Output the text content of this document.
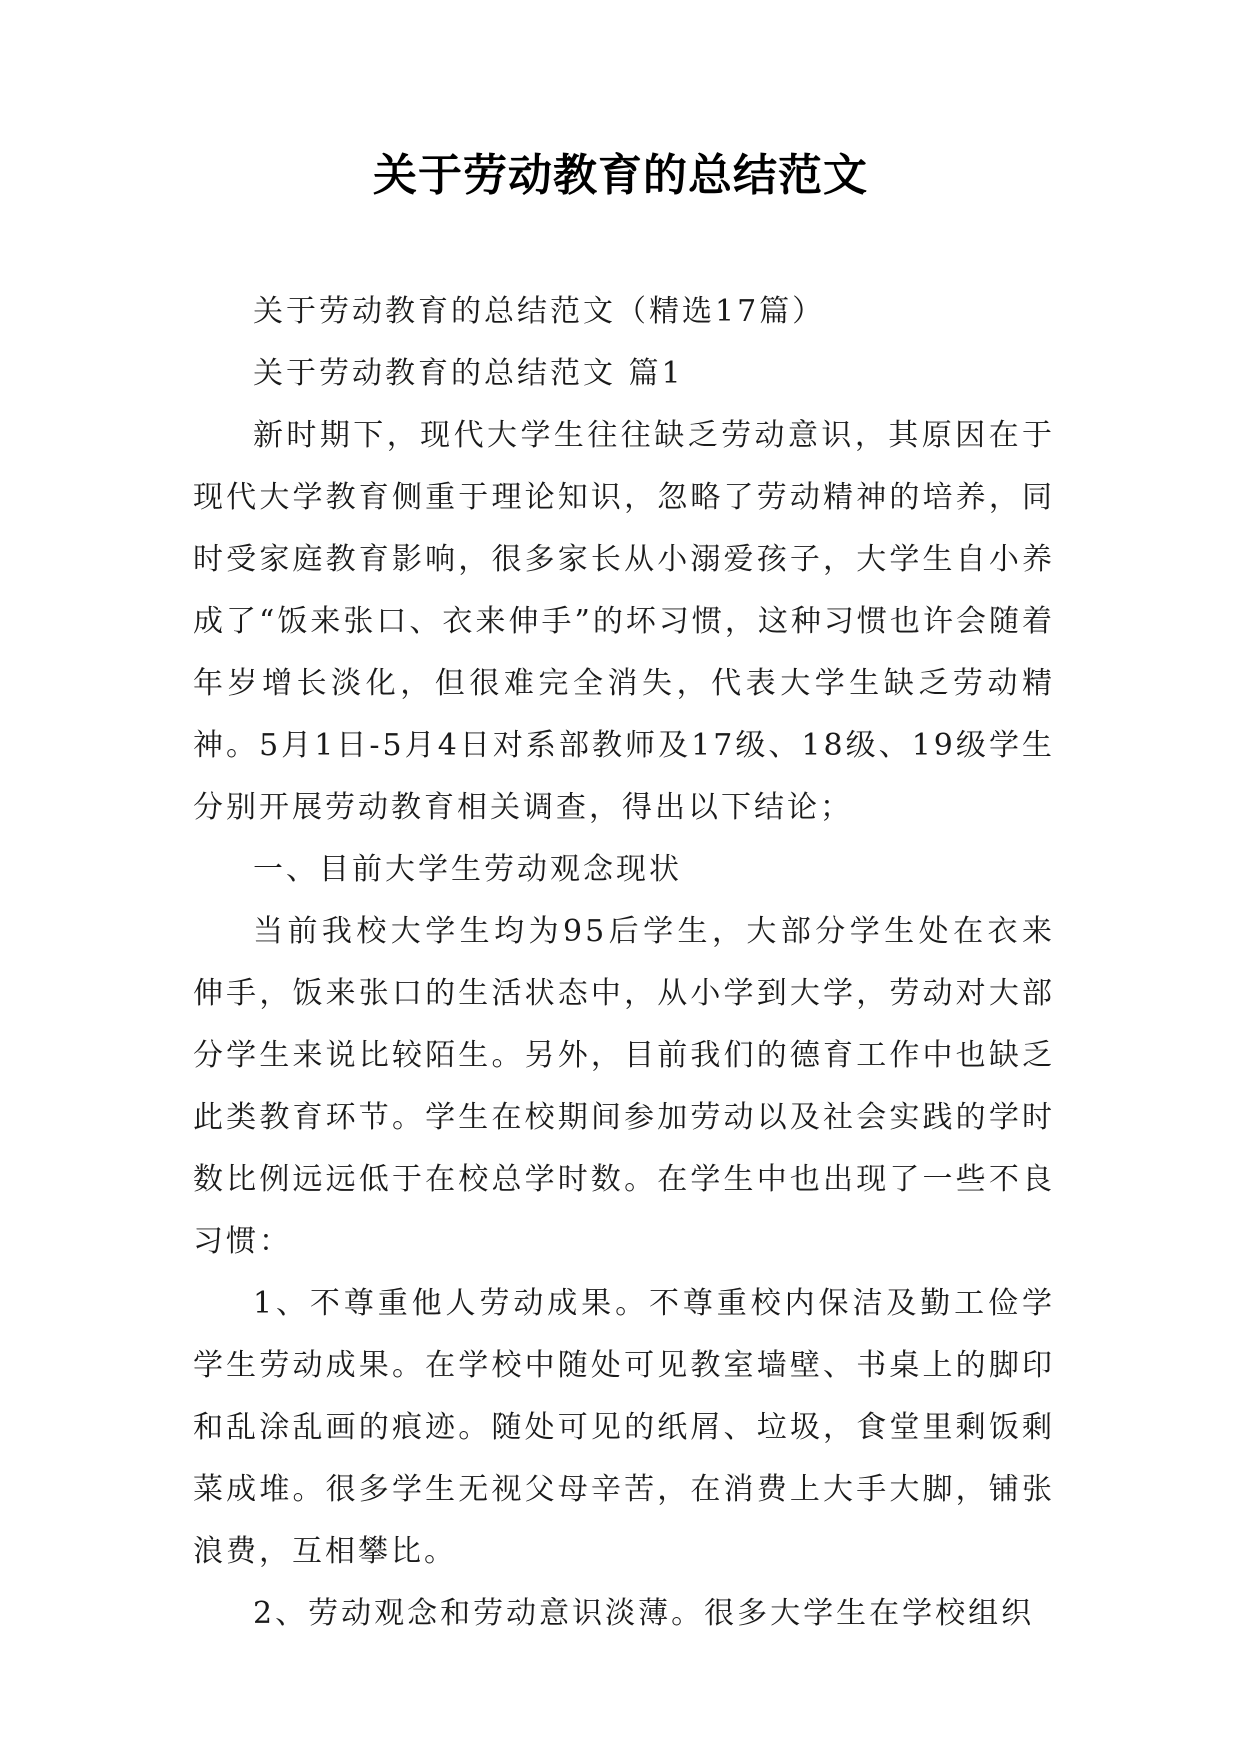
关于劳动教育的总结范文

关于劳动教育的总结范文（精选17篇）

关于劳动教育的总结范文 篇1

新时期下，现代大学生往往缺乏劳动意识，其原因在于现代大学教育侧重于理论知识，忽略了劳动精神的培养，同时受家庭教育影响，很多家长从小溺爱孩子，大学生自小养成了“饭来张口、衣来伸手”的坏习惯，这种习惯也许会随着年岁增长淡化，但很难完全消失，代表大学生缺乏劳动精神。5月1日-5月4日对系部教师及17级、18级、19级学生分别开展劳动教育相关调查，得出以下结论；

一、目前大学生劳动观念现状

当前我校大学生均为95后学生，大部分学生处在衣来伸手，饭来张口的生活状态中，从小学到大学，劳动对大部分学生来说比较陌生。另外，目前我们的德育工作中也缺乏此类教育环节。学生在校期间参加劳动以及社会实践的学时数比例远远低于在校总学时数。在学生中也出现了一些不良习惯：

1、不尊重他人劳动成果。不尊重校内保洁及勤工俭学学生劳动成果。在学校中随处可见教室墙壁、书桌上的脚印和乱涂乱画的痕迹。随处可见的纸屑、垃圾，食堂里剩饭剩菜成堆。很多学生无视父母辛苦，在消费上大手大脚，铺张浪费，互相攀比。

2、劳动观念和劳动意识淡薄。很多大学生在学校组织
